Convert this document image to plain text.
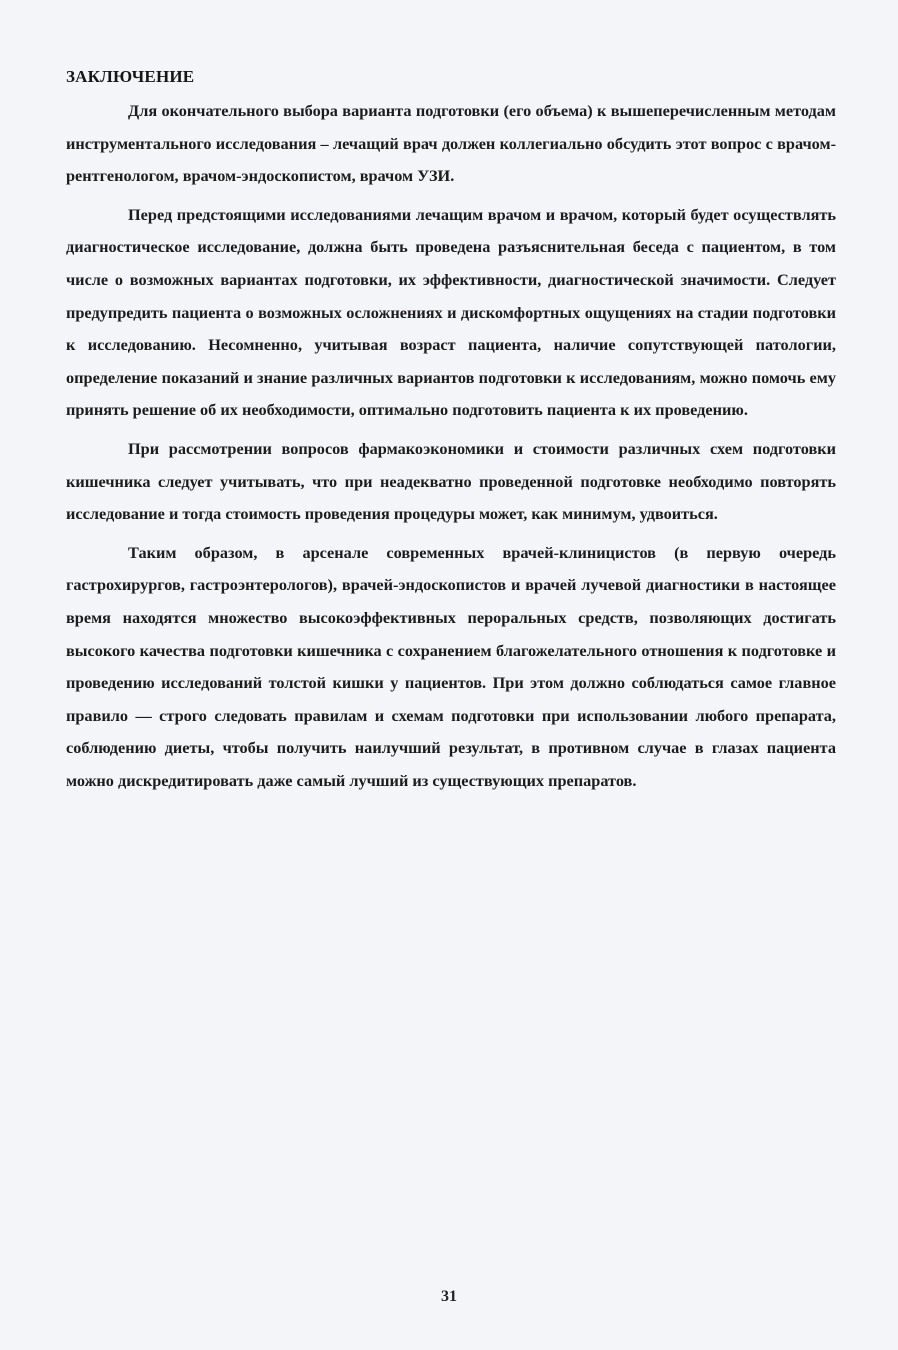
ЗАКЛЮЧЕНИЕ

Для окончательного выбора варианта подготовки (его объема) к вышеперечисленным методам инструментального исследования – лечащий врач должен коллегиально обсудить этот вопрос с врачом-рентгенологом, врачом-эндоскопистом, врачом УЗИ.

Перед предстоящими исследованиями лечащим врачом и врачом, который будет осуществлять диагностическое исследование, должна быть проведена разъяснительная беседа с пациентом, в том числе о возможных вариантах подготовки, их эффективности, диагностической значимости. Следует предупредить пациента о возможных осложнениях и дискомфортных ощущениях на стадии подготовки к исследованию. Несомненно, учитывая возраст пациента, наличие сопутствующей патологии, определение показаний и знание различных вариантов подготовки к исследованиям, можно помочь ему принять решение об их необходимости, оптимально подготовить пациента к их проведению.

При рассмотрении вопросов фармакоэкономики и стоимости различных схем подготовки кишечника следует учитывать, что при неадекватно проведенной подготовке необходимо повторять исследование и тогда стоимость проведения процедуры может, как минимум, удвоиться.

Таким образом, в арсенале современных врачей-клиницистов (в первую очередь гастрохирургов, гастроэнтерологов), врачей-эндоскопистов и врачей лучевой диагностики в настоящее время находятся множество высокоэффективных пероральных средств, позволяющих достигать высокого качества подготовки кишечника с сохранением благожелательного отношения к подготовке и проведению исследований толстой кишки у пациентов. При этом должно соблюдаться самое главное правило — строго следовать правилам и схемам подготовки при использовании любого препарата, соблюдению диеты, чтобы получить наилучший результат, в противном случае в глазах пациента можно дискредитировать даже самый лучший из существующих препаратов.

31
